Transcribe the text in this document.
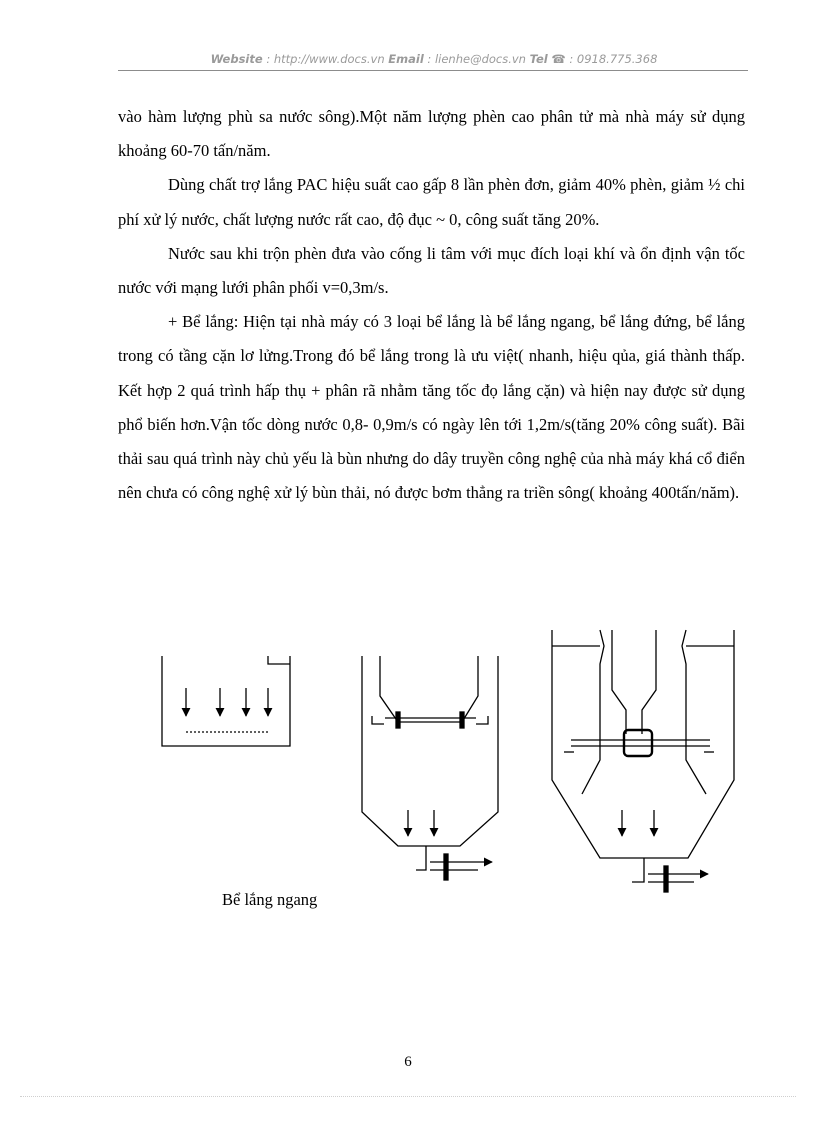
Website : http://www.docs.vn Email : lienhe@docs.vn Tel ☎ : 0918.775.368

vào hàm lượng phù sa nước sông).Một năm lượng phèn cao phân tử mà nhà máy sử dụng khoảng 60-70 tấn/năm.

Dùng chất trợ lắng PAC hiệu suất cao gấp 8 lần phèn đơn, giảm 40% phèn, giảm ½ chi phí xử lý nước, chất lượng nước rất cao, độ đục ~ 0, công suất tăng 20%.

Nước sau khi trộn phèn đưa vào cống li tâm với mục đích loại khí và ổn định vận tốc nước với mạng lưới phân phối v=0,3m/s.

+ Bể lắng: Hiện tại nhà máy có 3 loại bể lắng là bể lắng ngang, bể lắng đứng, bể lắng trong có tầng cặn lơ lửng.Trong đó bể lắng trong là ưu việt( nhanh, hiệu qủa, giá thành thấp. Kết hợp 2 quá trình hấp thụ + phân rã nhằm tăng tốc đọ lắng cặn) và hiện nay được sử dụng phổ biến hơn.Vận tốc dòng nước 0,8- 0,9m/s có ngày lên tới 1,2m/s(tăng 20% công suất). Bãi thải sau quá trình này chủ yếu là bùn nhưng do dây truyền công nghệ của nhà máy khá cổ điển nên chưa có công nghệ xử lý bùn thải, nó được bơm thẳng ra triền sông( khoảng 400tấn/năm).

Bể lắng ngang
6
